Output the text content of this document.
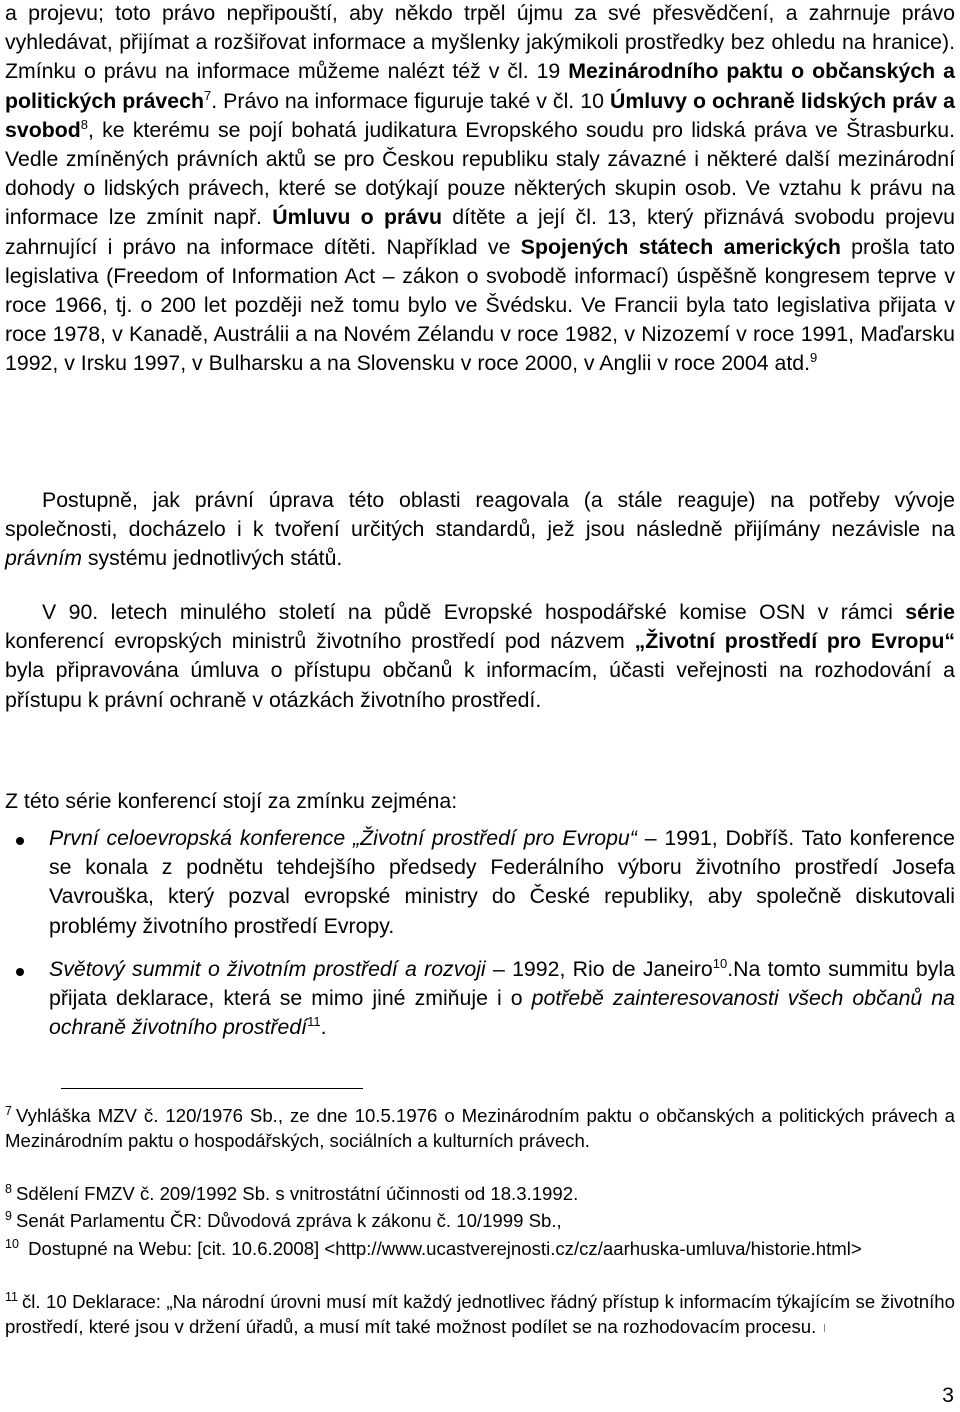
a projevu; toto právo nepřipouští, aby někdo trpěl újmu za své přesvědčení, a zahrnuje právo vyhledávat, přijímat a rozšiřovat informace a myšlenky jakýmikoli prostředky bez ohledu na hranice). Zmínku o právu na informace můžeme nalézt též v čl. 19 Mezinárodního paktu o občanských a politických právech$^7$. Právo na informace figuruje také v čl. 10 Úmluvy o ochraně lidských práv a svobod$^8$, ke kterému se pojí bohatá judikatura Evropského soudu pro lidská práva ve Štrasburku. Vedle zmíněných právních aktů se pro Českou republiku staly závazné i některé další mezinárodní dohody o lidských právech, které se dotýkají pouze některých skupin osob. Ve vztahu k právu na informace lze zmínit např. Úmluvu o právu dítěte a její čl. 13, který přiznává svobodu projevu zahrnující i právo na informace dítěti. Například ve Spojených státech amerických prošla tato legislativa (Freedom of Information Act – zákon o svobodě informací) úspěšně kongresem teprve v roce 1966, tj. o 200 let později než tomu bylo ve Švédsku. Ve Francii byla tato legislativa přijata v roce 1978, v Kanadě, Austrálii a na Novém Zélandu v roce 1982, v Nizozemí v roce 1991, Maďarsku 1992, v Irsku 1997, v Bulharsku a na Slovensku v roce 2000, v Anglii v roce 2004 atd.$^9$

Postupně, jak právní úprava této oblasti reagovala (a stále reaguje) na potřeby vývoje společnosti, docházelo i k tvoření určitých standardů, jež jsou následně přijímány nezávisle na právním systému jednotlivých států.

V 90. letech minulého století na půdě Evropské hospodářské komise OSN v rámci série konferencí evropských ministrů životního prostředí pod názvem „Životní prostředí pro Evropu“ byla připravována úmluva o přístupu občanů k informacím, účasti veřejnosti na rozhodování a přístupu k právní ochraně v otázkách životního prostředí.

Z této série konferencí stojí za zmínku zejména:

První celoevropská konference „Životní prostředí pro Evropu“ – 1991, Dobříš. Tato konference se konala z podnětu tehdejšího předsedy Federálního výboru životního prostředí Josefa Vavrouška, který pozval evropské ministry do České republiky, aby společně diskutovali problémy životního prostředí Evropy.

Světový summit o životním prostředí a rozvoji – 1992, Rio de Janeiro$^{10}$.Na tomto summitu byla přijata deklarace, která se mimo jiné zmiňuje i o potřebě zainteresovanosti všech občanů na ochraně životního prostředí$^{11}$.

$^7$ Vyhláška MZV č. 120/1976 Sb., ze dne 10.5.1976 o Mezinárodním paktu o občanských a politických právech a Mezinárodním paktu o hospodářských, sociálních a kulturních právech.

$^8$ Sdělení FMZV č. 209/1992 Sb. s vnitrostátní účinnosti od 18.3.1992.

$^9$ Senát Parlamentu ČR: Důvodová zpráva k zákonu č. 10/1999 Sb.,

$^{10}$ Dostupné na Webu: [cit. 10.6.2008] <http://www.ucastverejnosti.cz/cz/aarhuska-umluva/historie.html>

$^{11}$ čl. 10 Deklarace: „Na národní úrovni musí mít každý jednotlivec řádný přístup k informacím týkajícím se životního prostředí, které jsou v držení úřadů, a musí mít také možnost podílet se na rozhodovacím procesu.

3
